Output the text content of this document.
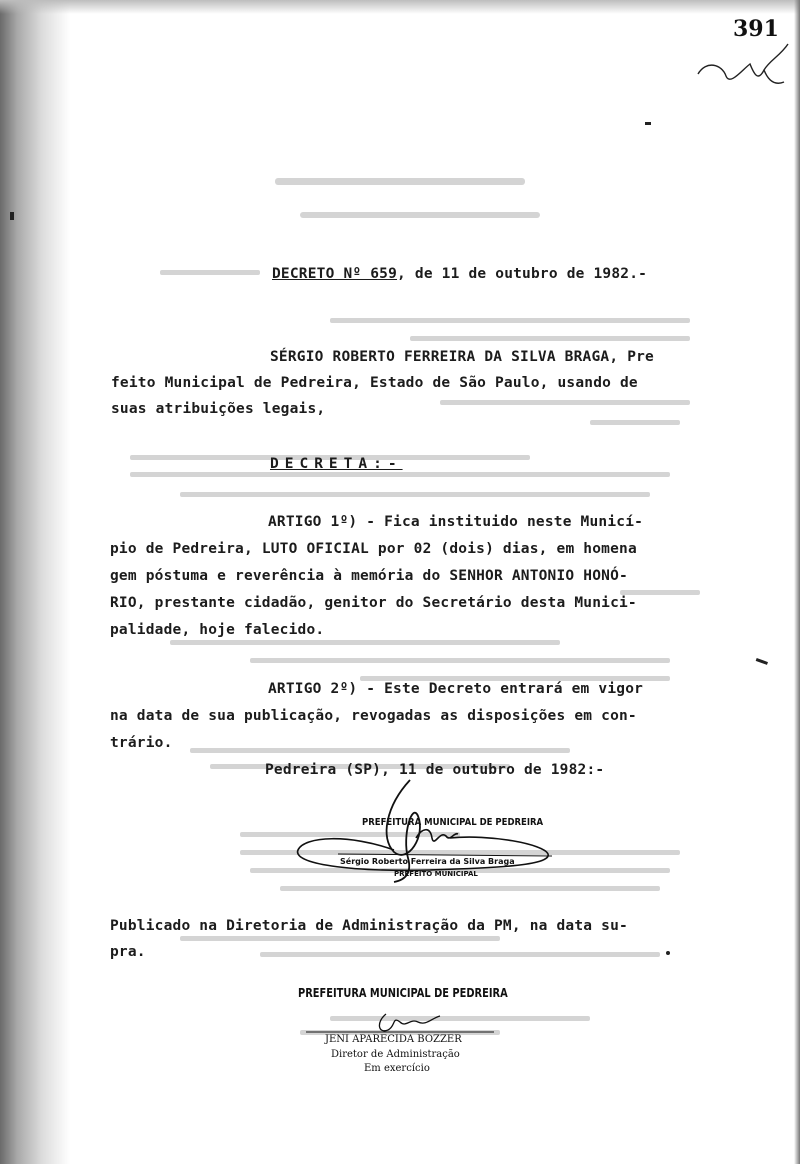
391
DECRETO Nº 659, de 11 de outubro de 1982.-
SÉRGIO ROBERTO FERREIRA DA SILVA BRAGA, Pre
feito Municipal de Pedreira, Estado de São Paulo, usando de
suas atribuições legais,
DECRETA:-
ARTIGO 1º) - Fica instituido neste Municí-
pio de Pedreira, LUTO OFICIAL por 02 (dois) dias, em homena
gem póstuma e reverência à memória do SENHOR ANTONIO HONÓ-
RIO, prestante cidadão, genitor do Secretário desta Munici-
palidade, hoje falecido.
ARTIGO 2º) - Este Decreto entrará em vigor
na data de sua publicação, revogadas as disposições em con-
trário.
Pedreira (SP), 11 de outubro de 1982:-
PREFEITURA MUNICIPAL DE PEDREIRA
Sérgio Roberto Ferreira da Silva Braga
PREFEITO MUNICIPAL
Publicado na Diretoria de Administração da PM, na data su-
pra.
PREFEITURA MUNICIPAL DE PEDREIRA
JENI APARECIDA BOZZER
Diretor de Administração
Em exercício
